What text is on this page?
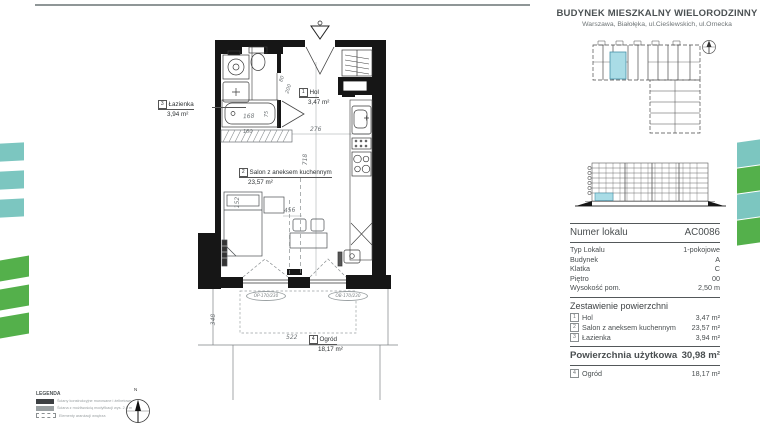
BUDYNEK MIESZKALNY WIELORODZINNY
Warszawa, Białołęka, ul.Cieślewskich, ul.Ornecka
Numer lokalu	AC0086
Typ Lokalu	1-pokojowe
Budynek	A
Klatka	C
Piętro	00
Wysokość pom.	2,50 m
Zestawienie powierzchni
1 Hol	3,47 m²
2 Salon z aneksem kuchennym	23,57 m²
3 Łazienka	3,94 m²
Powierzchnia użytkowa 30,98 m²
4 Ogród	18,17 m²
1 Hol
3,47 m²
2 Salon z aneksem kuchennym
23,57 m²
3 Łazienka
3,94 m²
4 Ogród
18,17 m²
276
718
456
152
168 75
80
200
180
522
348
OP-170/230	OB-170/230
LEGENDA
Ściany konstrukcyjne murowane i żelbetowe
Ściana z możliwością modyfikacji wys. 2,5 m
Elementy aranżacji wnętrza
N
